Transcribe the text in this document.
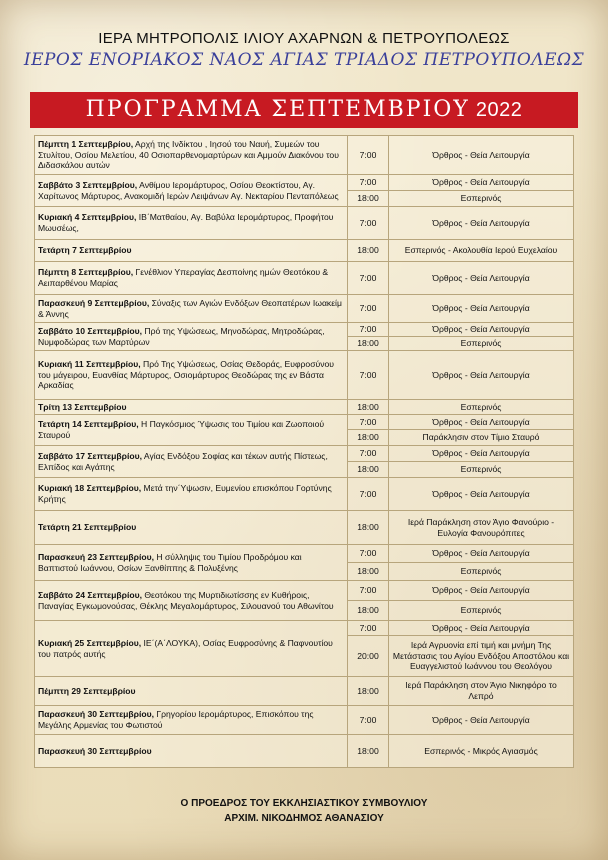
ΙΕΡΑ ΜΗΤΡΟΠΟΛΙΣ ΙΛΙΟΥ ΑΧΑΡΝΩΝ & ΠΕΤΡΟΥΠΟΛΕΩΣ
ΙΕΡΟΣ ΕΝΟΡΙΑΚΟΣ ΝΑΟΣ ΑΓΙΑΣ ΤΡΙΑΔΟΣ ΠΕΤΡΟΥΠΟΛΕΩΣ
ΠΡΟΓΡΑΜΜΑ ΣΕΠΤΕΜΒΡΙΟΥ 2022
Πέμπτη 1 Σεπτεμβρίου, Αρχή της Ινδίκτου , Ιησού του Ναυή, Συμεών του Στυλίτου, Οσίου Μελετίου, 40 Οσιοπαρθενομαρτύρων και Αμμούν Διακόνου του Διδασκάλου αυτών	7:00	Όρθρος - Θεία Λειτουργία
Σαββάτο 3 Σεπτεμβρίου, Ανθίμου Ιερομάρτυρος, Οσίου Θεοκτίστου, Αγ. Χαρίτωνος Μάρτυρος, Ανακομιδή Ιερών Λειψάνων Αγ. Νεκταρίου Πενταπόλεως	7:00	Όρθρος - Θεία Λειτουργία
	18:00	Εσπερινός
Κυριακή 4 Σεπτεμβρίου, ΙΒ΄Ματθαίου, Αγ. Βαβύλα Ιερομάρτυρος, Προφήτου Μωυσέως,	7:00	Όρθρος - Θεία Λειτουργία
Τετάρτη 7 Σεπτεμβρίου	18:00	Εσπερινός - Ακολουθία Ιερού Ευχελαίου
Πέμπτη 8 Σεπτεμβρίου, Γενέθλιον Υπεραγίας Δεσποίνης ημών Θεοτόκου & Αειπαρθένου Μαρίας	7:00	Όρθρος - Θεία Λειτουργία
Παρασκευή 9 Σεπτεμβρίου, Σύναξις των Αγιών Ενδόξων Θεοπατέρων Ιωακείμ & Άννης	7:00	Όρθρος - Θεία Λειτουργία
Σαββάτο 10 Σεπτεμβρίου, Πρό της Υψώσεως, Μηνοδώρας, Μητροδώρας, Νυμφοδώρας των Μαρτύρων	7:00	Όρθρος - Θεία Λειτουργία
	18:00	Εσπερινός
Κυριακή 11 Σεπτεμβρίου, Πρό Της Υψώσεως, Οσίας Θεδοράς, Ευφροσύνου του μάγειρου, Ευανθίας Μάρτυρος, Οσιομάρτυρος Θεοδώρας της εν Βάστα Αρκαδίας	7:00	Όρθρος - Θεία Λειτουργία
Τρίτη 13 Σεπτεμβρίου	18:00	Εσπερινός
Τετάρτη 14 Σεπτεμβρίου, Η Παγκόσμιος Ύψωσις του Τιμίου και Ζωοποιού Σταυρού	7:00	Όρθρος - Θεία Λειτουργία
	18:00	Παράκλησιν στον Τίμιο Σταυρό
Σαββάτο 17 Σεπτεμβρίου, Αγίας Ενδόξου Σοφίας και τέκων αυτής Πίστεως, Ελπίδος και Αγάπης	7:00	Όρθρος - Θεία Λειτουργία
	18:00	Εσπερινός
Κυριακή 18 Σεπτεμβρίου, Μετά την΄Υψωσιν, Ευμενίου επισκόπου Γορτύνης Κρήτης	7:00	Όρθρος - Θεία Λειτουργία
Τετάρτη 21 Σεπτεμβρίου	18:00	Ιερά Παράκληση στον Άγιο Φανούριο - Ευλογία Φανουρόπιτες
Παρασκευή 23 Σεπτεμβρίου, Η σύλληψις του Τιμίου Προδρόμου και Βαπτιστού Ιωάννου, Οσίων Ξανθίππης & Πολυξένης	7:00	Όρθρος - Θεία Λειτουργία
	18:00	Εσπερινός
Σαββάτο 24 Σεπτεμβρίου, Θεοτόκου της Μυρτιδιωτίσσης εν Κυθήροις, Παναγίας Εγκωμονούσας, Θέκλης Μεγαλομάρτυρος, Σιλουανού του Αθωνίτου	7:00	Όρθρος - Θεία Λειτουργία
	18:00	Εσπερινός
Κυριακή 25 Σεπτεμβρίου, ΙΕ΄(Α΄ΛΟΥΚΑ), Οσίας Ευφροσύνης & Παφνουτίου του πατρός αυτής	7:00	Όρθρος - Θεία Λειτουργία
	20:00	Ιερά Αγρυονία επί τιμή και μνήμη Της Μετάστασις του Αγίου Ενδόξου Αποστόλου και Ευαγγελιστού Ιωάννου του Θεολόγου
Πέμπτη 29 Σεπτεμβρίου	18:00	Ιερά Παράκληση στον Άγιο Νικηφόρο το Λεπρό
Παρασκευή 30 Σεπτεμβρίου, Γρηγορίου Ιερομάρτυρος, Επισκόπου της Μεγάλης Αρμενίας του Φωτιστού	7:00	Όρθρος - Θεία Λειτουργία
Παρασκευή 30 Σεπτεμβρίου	18:00	Εσπερινός - Μικρός Αγιασμός
Ο ΠΡΟΕΔΡΟΣ ΤΟΥ ΕΚΚΛΗΣΙΑΣΤΙΚΟΥ ΣΥΜΒΟΥΛΙΟΥ
ΑΡΧΙΜ. ΝΙΚΟΔΗΜΟΣ ΑΘΑΝΑΣΙΟΥ
